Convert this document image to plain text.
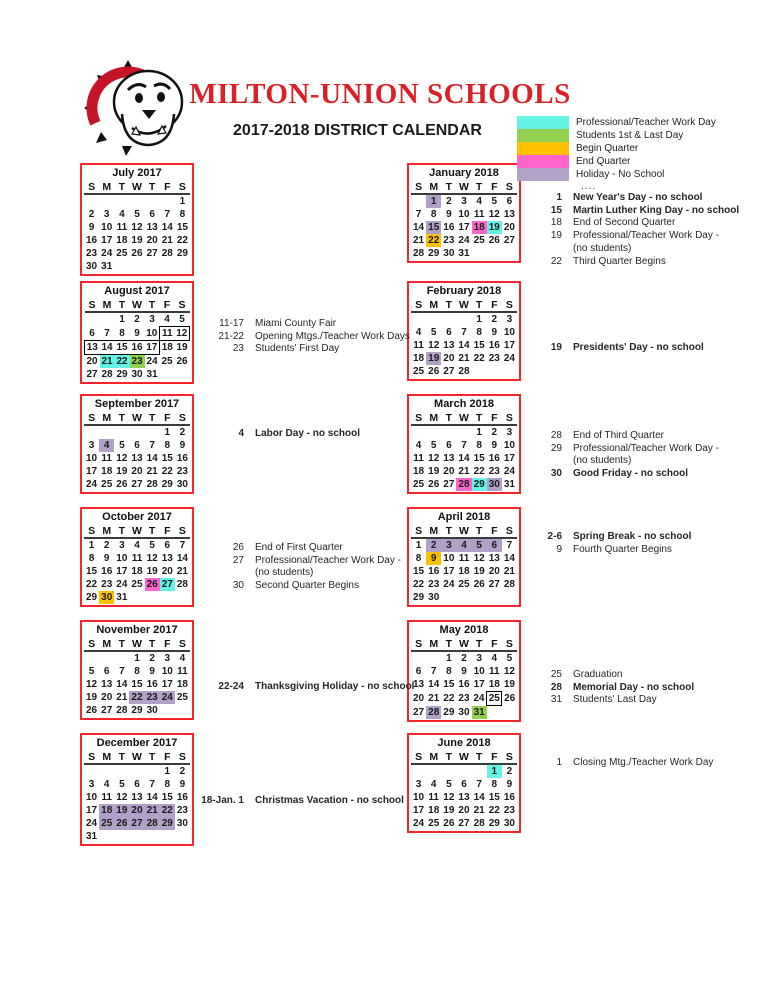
MILTON-UNION SCHOOLS
2017-2018 DISTRICT CALENDAR	Professional/Teacher Work Day
Students 1st & Last Day
Begin Quarter
End Quarter
Holiday - No School
....
July 2017
S	M	T	W	T	F	S
						1
2	3	4	5	6	7	8
9	10	11	12	13	14	15
16	17	18	19	20	21	22
23	24	25	26	27	28	29
30	31					
August 2017
S	M	T	W	T	F	S
		1	2	3	4	5
6	7	8	9	10	11	12
13	14	15	16	17	18	19
20	21	22	23	24	25	26
27	28	29	30	31		
September 2017
S	M	T	W	T	F	S
					1	2
3	4	5	6	7	8	9
10	11	12	13	14	15	16
17	18	19	20	21	22	23
24	25	26	27	28	29	30
October 2017
S	M	T	W	T	F	S
1	2	3	4	5	6	7
8	9	10	11	12	13	14
15	16	17	18	19	20	21
22	23	24	25	26	27	28
29	30	31				
November 2017
S	M	T	W	T	F	S
			1	2	3	4
5	6	7	8	9	10	11
12	13	14	15	16	17	18
19	20	21	22	23	24	25
26	27	28	29	30		
December 2017
S	M	T	W	T	F	S
					1	2
3	4	5	6	7	8	9
10	11	12	13	14	15	16
17	18	19	20	21	22	23
24	25	26	27	28	29	30
31						
January 2018
S	M	T	W	T	F	S
	1	2	3	4	5	6
7	8	9	10	11	12	13
14	15	16	17	18	19	20
21	22	23	24	25	26	27
28	29	30	31			
February 2018
S	M	T	W	T	F	S
				1	2	3
4	5	6	7	8	9	10
11	12	13	14	15	16	17
18	19	20	21	22	23	24
25	26	27	28			
March 2018
S	M	T	W	T	F	S
				1	2	3
4	5	6	7	8	9	10
11	12	13	14	15	16	17
18	19	20	21	22	23	24
25	26	27	28	29	30	31
April 2018
S	M	T	W	T	F	S
1	2	3	4	5	6	7
8	9	10	11	12	13	14
15	16	17	18	19	20	21
22	23	24	25	26	27	28
29	30					
May 2018
S	M	T	W	T	F	S
		1	2	3	4	5
6	7	8	9	10	11	12
13	14	15	16	17	18	19
20	21	22	23	24	25	26
27	28	29	30	31		
June 2018
S	M	T	W	T	F	S
					1	2
3	4	5	6	7	8	9
10	11	12	13	14	15	16
17	18	19	20	21	22	23
24	25	26	27	28	29	30
11-17 Miami County Fair
21-22 Opening Mtgs./Teacher Work Days
23 Students' First Day
4 Labor Day - no school
26 End of First Quarter
27 Professional/Teacher Work Day -
(no students)
30 Second Quarter Begins
22-24 Thanksgiving Holiday - no school
18-Jan. 1 Christmas Vacation - no school
1 New Year's Day - no school
15 Martin Luther King Day - no school
18 End of Second Quarter
19 Professional/Teacher Work Day -
(no students)
22 Third Quarter Begins
19 Presidents' Day - no school
28 End of Third Quarter
29 Professional/Teacher Work Day -
(no students)
30 Good Friday - no school
2-6 Spring Break - no school
9 Fourth Quarter Begins
25 Graduation
28 Memorial Day - no school
31 Students' Last Day
1 Closing Mtg./Teacher Work Day
